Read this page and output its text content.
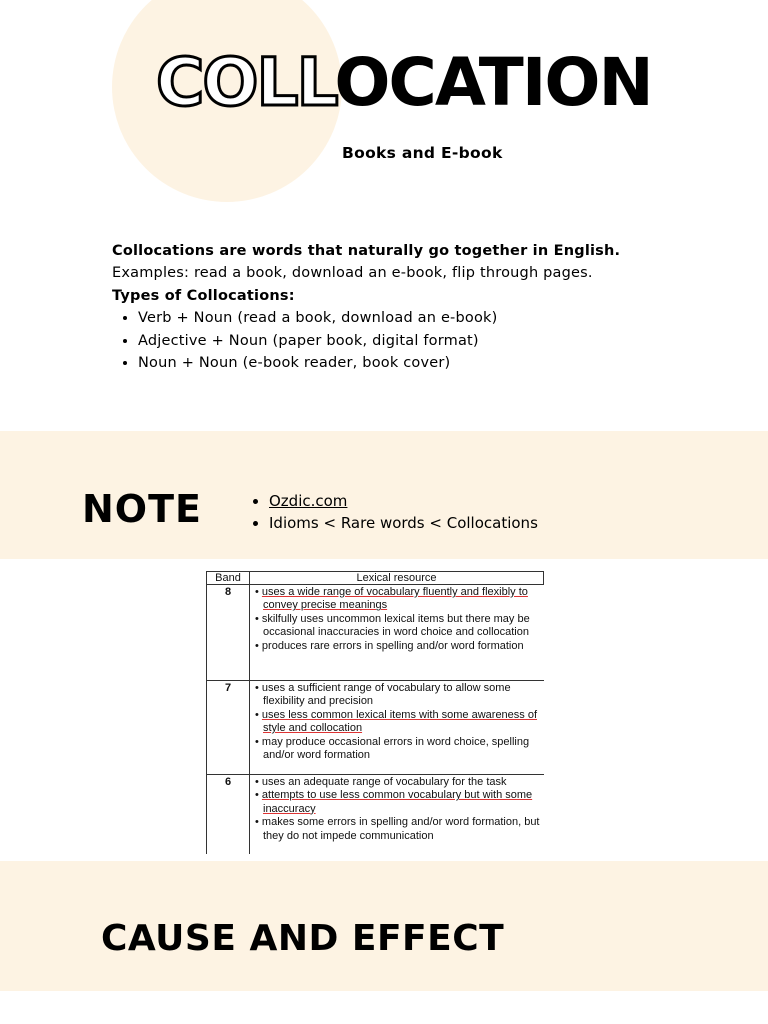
COLLOCATION

Books and E-book

Collocations are words that naturally go together in English.

Examples: read a book, download an e-book, flip through pages.

Types of Collocations:

• Verb + Noun (read a book, download an e-book)
• Adjective + Noun (paper book, digital format)
• Noun + Noun (e-book reader, book cover)
NOTE	• Ozdic.com
• Idioms < Rare words < Collocations
Band	Lexical resource
8	• uses a wide range of vocabulary fluently and flexibly to convey precise meanings
• skilfully uses uncommon lexical items but there may be occasional inaccuracies in word choice and collocation
• produces rare errors in spelling and/or word formation

7	• uses a sufficient range of vocabulary to allow some flexibility and precision
• uses less common lexical items with some awareness of style and collocation
• may produce occasional errors in word choice, spelling and/or word formation

6	• uses an adequate range of vocabulary for the task
• attempts to use less common vocabulary but with some inaccuracy
• makes some errors in spelling and/or word formation, but they do not impede communication
CAUSE AND EFFECT
